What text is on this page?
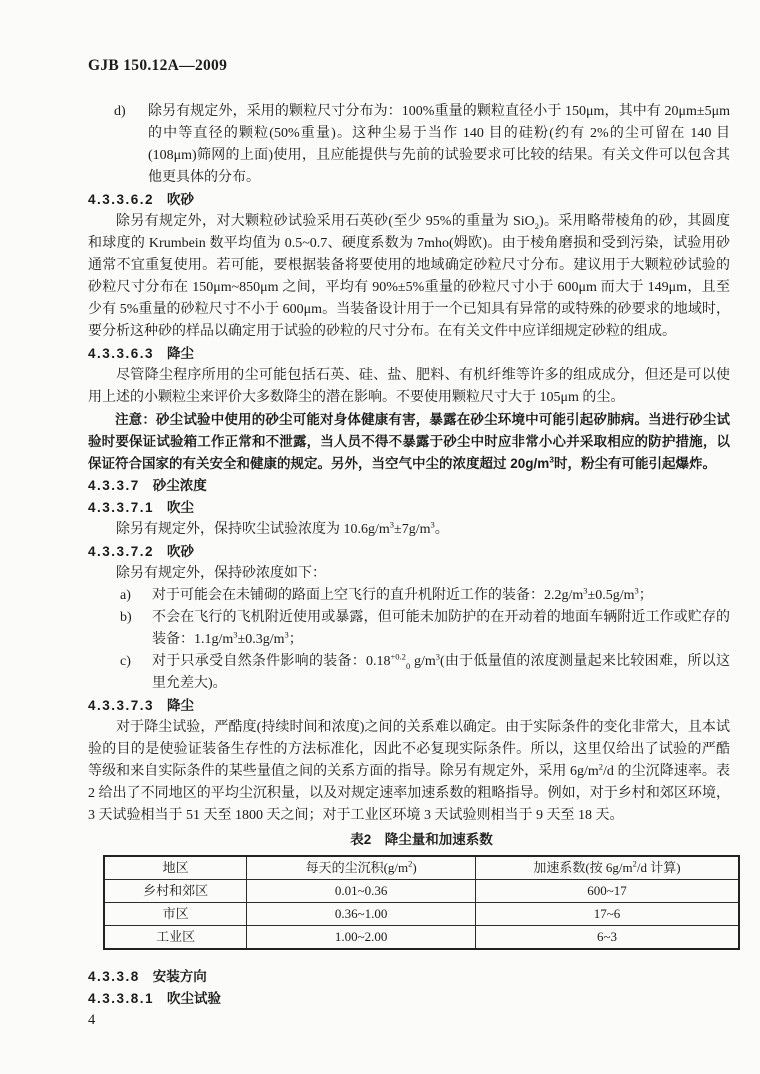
GJB 150.12A—2009
d) 除另有规定外，采用的颗粒尺寸分布为：100%重量的颗粒直径小于 150μm，其中有 20μm±5μm 的中等直径的颗粒(50%重量)。这种尘易于当作 140 目的硅粉(约有 2%的尘可留在 140 目 (108μm)筛网的上面)使用，且应能提供与先前的试验要求可比较的结果。有关文件可以包含其他更具体的分布。
4.3.3.6.2 吹砂

除另有规定外，对大颗粒砂试验采用石英砂(至少 95%的重量为 SiO$_2$)。采用略带棱角的砂，其圆度和球度的 Krumbein 数平均值为 0.5~0.7、硬度系数为 7mho(姆欧)。由于棱角磨损和受到污染，试验用砂通常不宜重复使用。若可能，要根据装备将要使用的地域确定砂粒尺寸分布。建议用于大颗粒砂试验的砂粒尺寸分布在 150μm~850μm 之间，平均有 90%±5%重量的砂粒尺寸小于 600μm 而大于 149μm，且至少有 5%重量的砂粒尺寸不小于 600μm。当装备设计用于一个已知具有异常的或特殊的砂要求的地域时，要分析这种砂的样品以确定用于试验的砂粒的尺寸分布。在有关文件中应详细规定砂粒的组成。

4.3.3.6.3 降尘

尽管降尘程序所用的尘可能包括石英、硅、盐、肥料、有机纤维等许多的组成成分，但还是可以使用上述的小颗粒尘来评价大多数降尘的潜在影响。不要使用颗粒尺寸大于 105μm 的尘。

注意：砂尘试验中使用的砂尘可能对身体健康有害，暴露在砂尘环境中可能引起矽肺病。当进行砂尘试验时要保证试验箱工作正常和不泄露，当人员不得不暴露于砂尘中时应非常小心并采取相应的防护措施，以保证符合国家的有关安全和健康的规定。另外，当空气中尘的浓度超过 $20g/m^3$时，粉尘有可能引起爆炸。

4.3.3.7 砂尘浓度
4.3.3.7.1 吹尘

除另有规定外，保持吹尘试验浓度为 $10.6g/m^3\pm 7g/m^3$。

4.3.3.7.2 吹砂

除另有规定外，保持砂浓度如下：

a) 对于可能会在未铺砌的路面上空飞行的直升机附近工作的装备：$2.2g/m^3\pm 0.5g/m^3$；
b) 不会在飞行的飞机附近使用或暴露，但可能未加防护的在开动着的地面车辆附近工作或贮存的装备：$1.1g/m^3\pm 0.3g/m^3$；
c) 对于只承受自然条件影响的装备：$0.18^{+0.2}_0$ $g/m^3$(由于低量值的浓度测量起来比较困难，所以这里允差大)。
4.3.3.7.3 降尘

对于降尘试验，严酷度(持续时间和浓度)之间的关系难以确定。由于实际条件的变化非常大，且本试验的目的是使验证装备生存性的方法标准化，因此不必复现实际条件。所以，这里仅给出了试验的严酷等级和来自实际条件的某些量值之间的关系方面的指导。除另有规定外，采用 $6g/m^2/d$ 的尘沉降速率。表 2 给出了不同地区的平均尘沉积量，以及对规定速率加速系数的粗略指导。例如，对于乡村和郊区环境，3 天试验相当于 51 天至 1800 天之间；对于工业区环境 3 天试验则相当于 9 天至 18 天。

表2　降尘量和加速系数
地区	每天的尘沉积$(g/m^2)$	加速系数(按 $6g/m^2/d$ 计算)
乡村和郊区	0.01~0.36	600~17
市区	0.36~1.00	17~6
工业区	1.00~2.00	6~3
4.3.3.8 安装方向
4.3.3.8.1 吹尘试验
4
